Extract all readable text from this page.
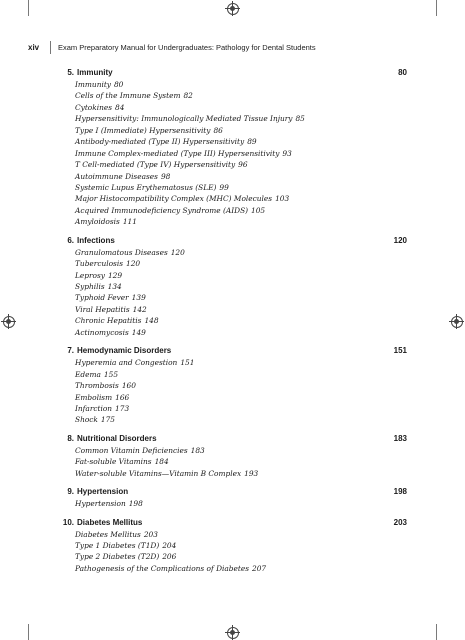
xiv	Exam Preparatory Manual for Undergraduates: Pathology for Dental Students
5. Immunity	80
Immunity 80
Cells of the Immune System 82
Cytokines 84
Hypersensitivity: Immunologically Mediated Tissue Injury 85
Type I (Immediate) Hypersensitivity 86
Antibody-mediated (Type II) Hypersensitivity 89
Immune Complex-mediated (Type III) Hypersensitivity 93
T Cell-mediated (Type IV) Hypersensitivity 96
Autoimmune Diseases 98
Systemic Lupus Erythematosus (SLE) 99
Major Histocompatibility Complex (MHC) Molecules 103
Acquired Immunodeficiency Syndrome (AIDS) 105
Amyloidosis 111
6. Infections	120
Granulomatous Diseases 120
Tuberculosis 120
Leprosy 129
Syphilis 134
Typhoid Fever 139
Viral Hepatitis 142
Chronic Hepatitis 148
Actinomycosis 149
7. Hemodynamic Disorders	151
Hyperemia and Congestion 151
Edema 155
Thrombosis 160
Embolism 166
Infarction 173
Shock 175
8. Nutritional Disorders	183
Common Vitamin Deficiencies 183
Fat-soluble Vitamins 184
Water-soluble Vitamins—Vitamin B Complex 193
9. Hypertension	198
Hypertension 198
10. Diabetes Mellitus	203
Diabetes Mellitus 203
Type 1 Diabetes (T1D) 204
Type 2 Diabetes (T2D) 206
Pathogenesis of the Complications of Diabetes 207
